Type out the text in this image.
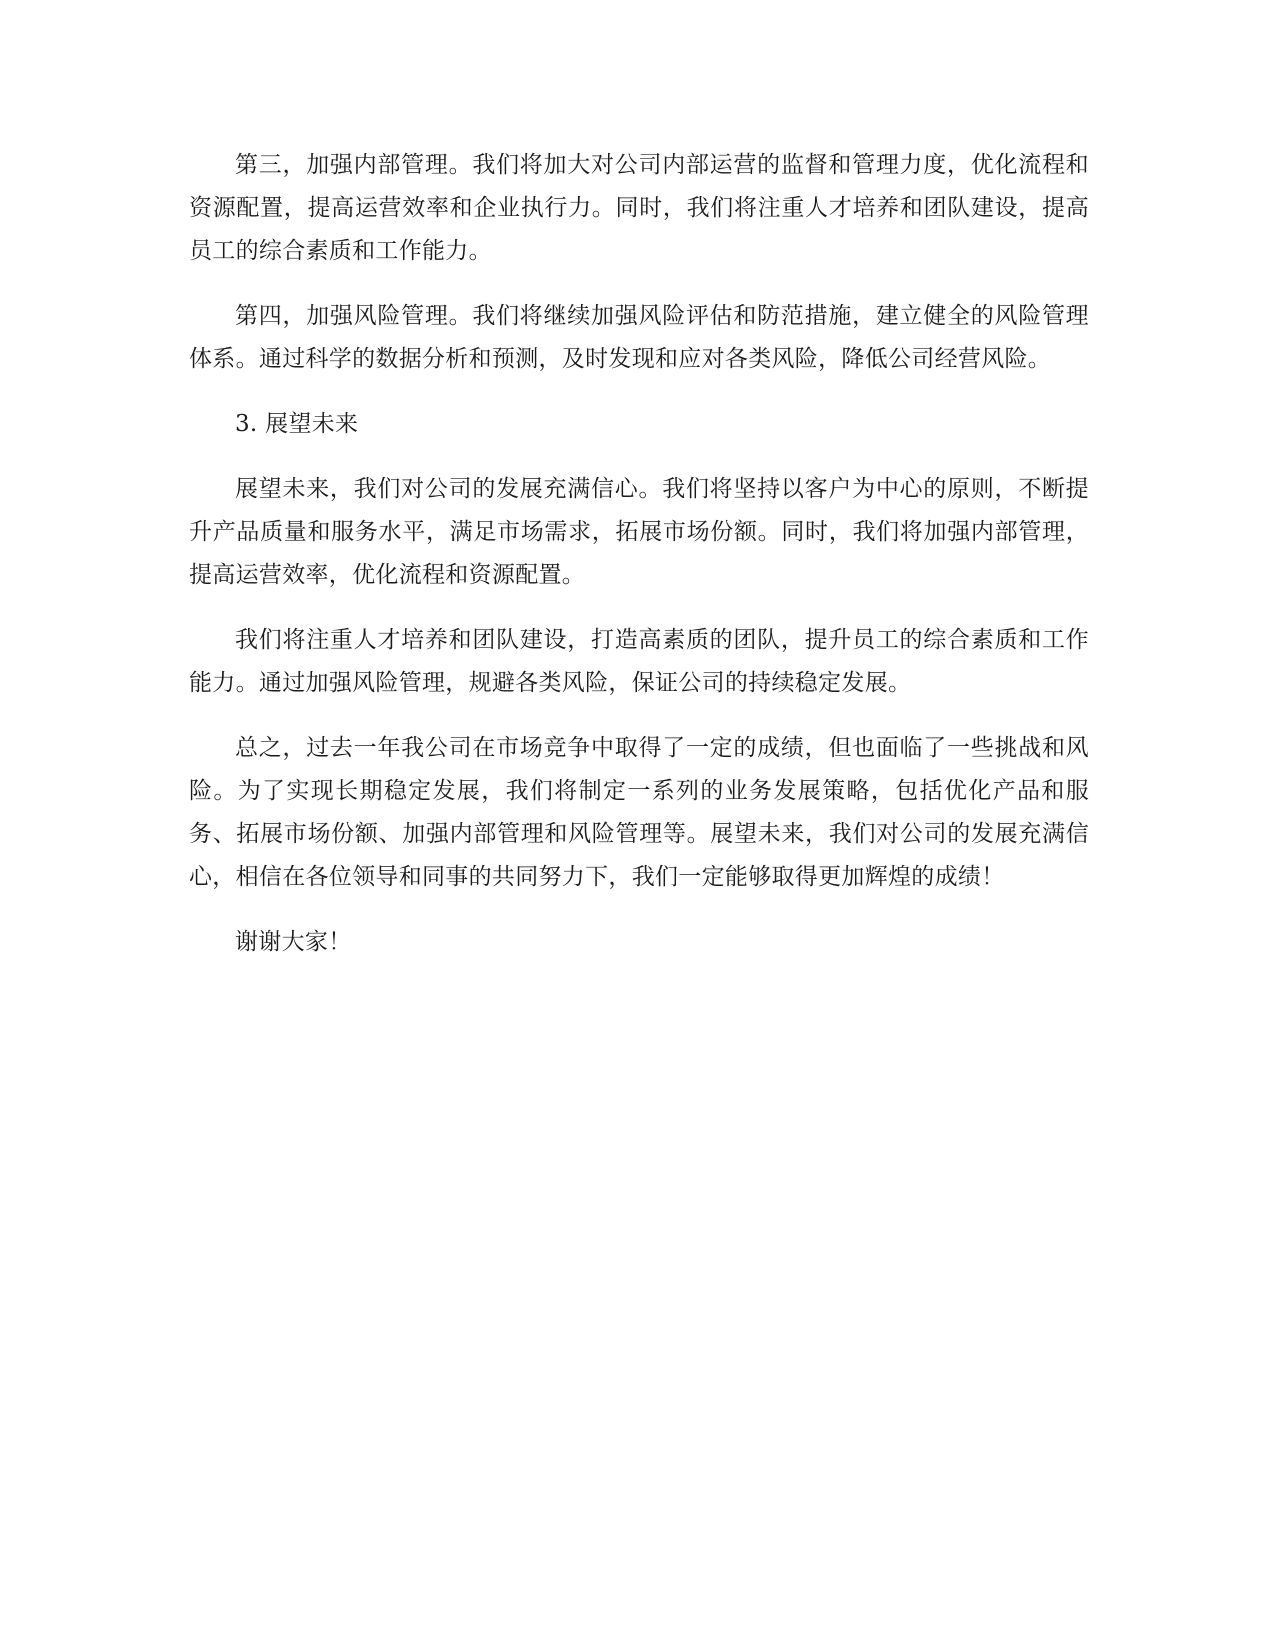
第三，加强内部管理。我们将加大对公司内部运营的监督和管理力度，优化流程和资源配置，提高运营效率和企业执行力。同时，我们将注重人才培养和团队建设，提高员工的综合素质和工作能力。

第四，加强风险管理。我们将继续加强风险评估和防范措施，建立健全的风险管理体系。通过科学的数据分析和预测，及时发现和应对各类风险，降低公司经营风险。

3. 展望未来

展望未来，我们对公司的发展充满信心。我们将坚持以客户为中心的原则，不断提升产品质量和服务水平，满足市场需求，拓展市场份额。同时，我们将加强内部管理，提高运营效率，优化流程和资源配置。

我们将注重人才培养和团队建设，打造高素质的团队，提升员工的综合素质和工作能力。通过加强风险管理，规避各类风险，保证公司的持续稳定发展。

总之，过去一年我公司在市场竞争中取得了一定的成绩，但也面临了一些挑战和风险。为了实现长期稳定发展，我们将制定一系列的业务发展策略，包括优化产品和服务、拓展市场份额、加强内部管理和风险管理等。展望未来，我们对公司的发展充满信心，相信在各位领导和同事的共同努力下，我们一定能够取得更加辉煌的成绩！

谢谢大家！
